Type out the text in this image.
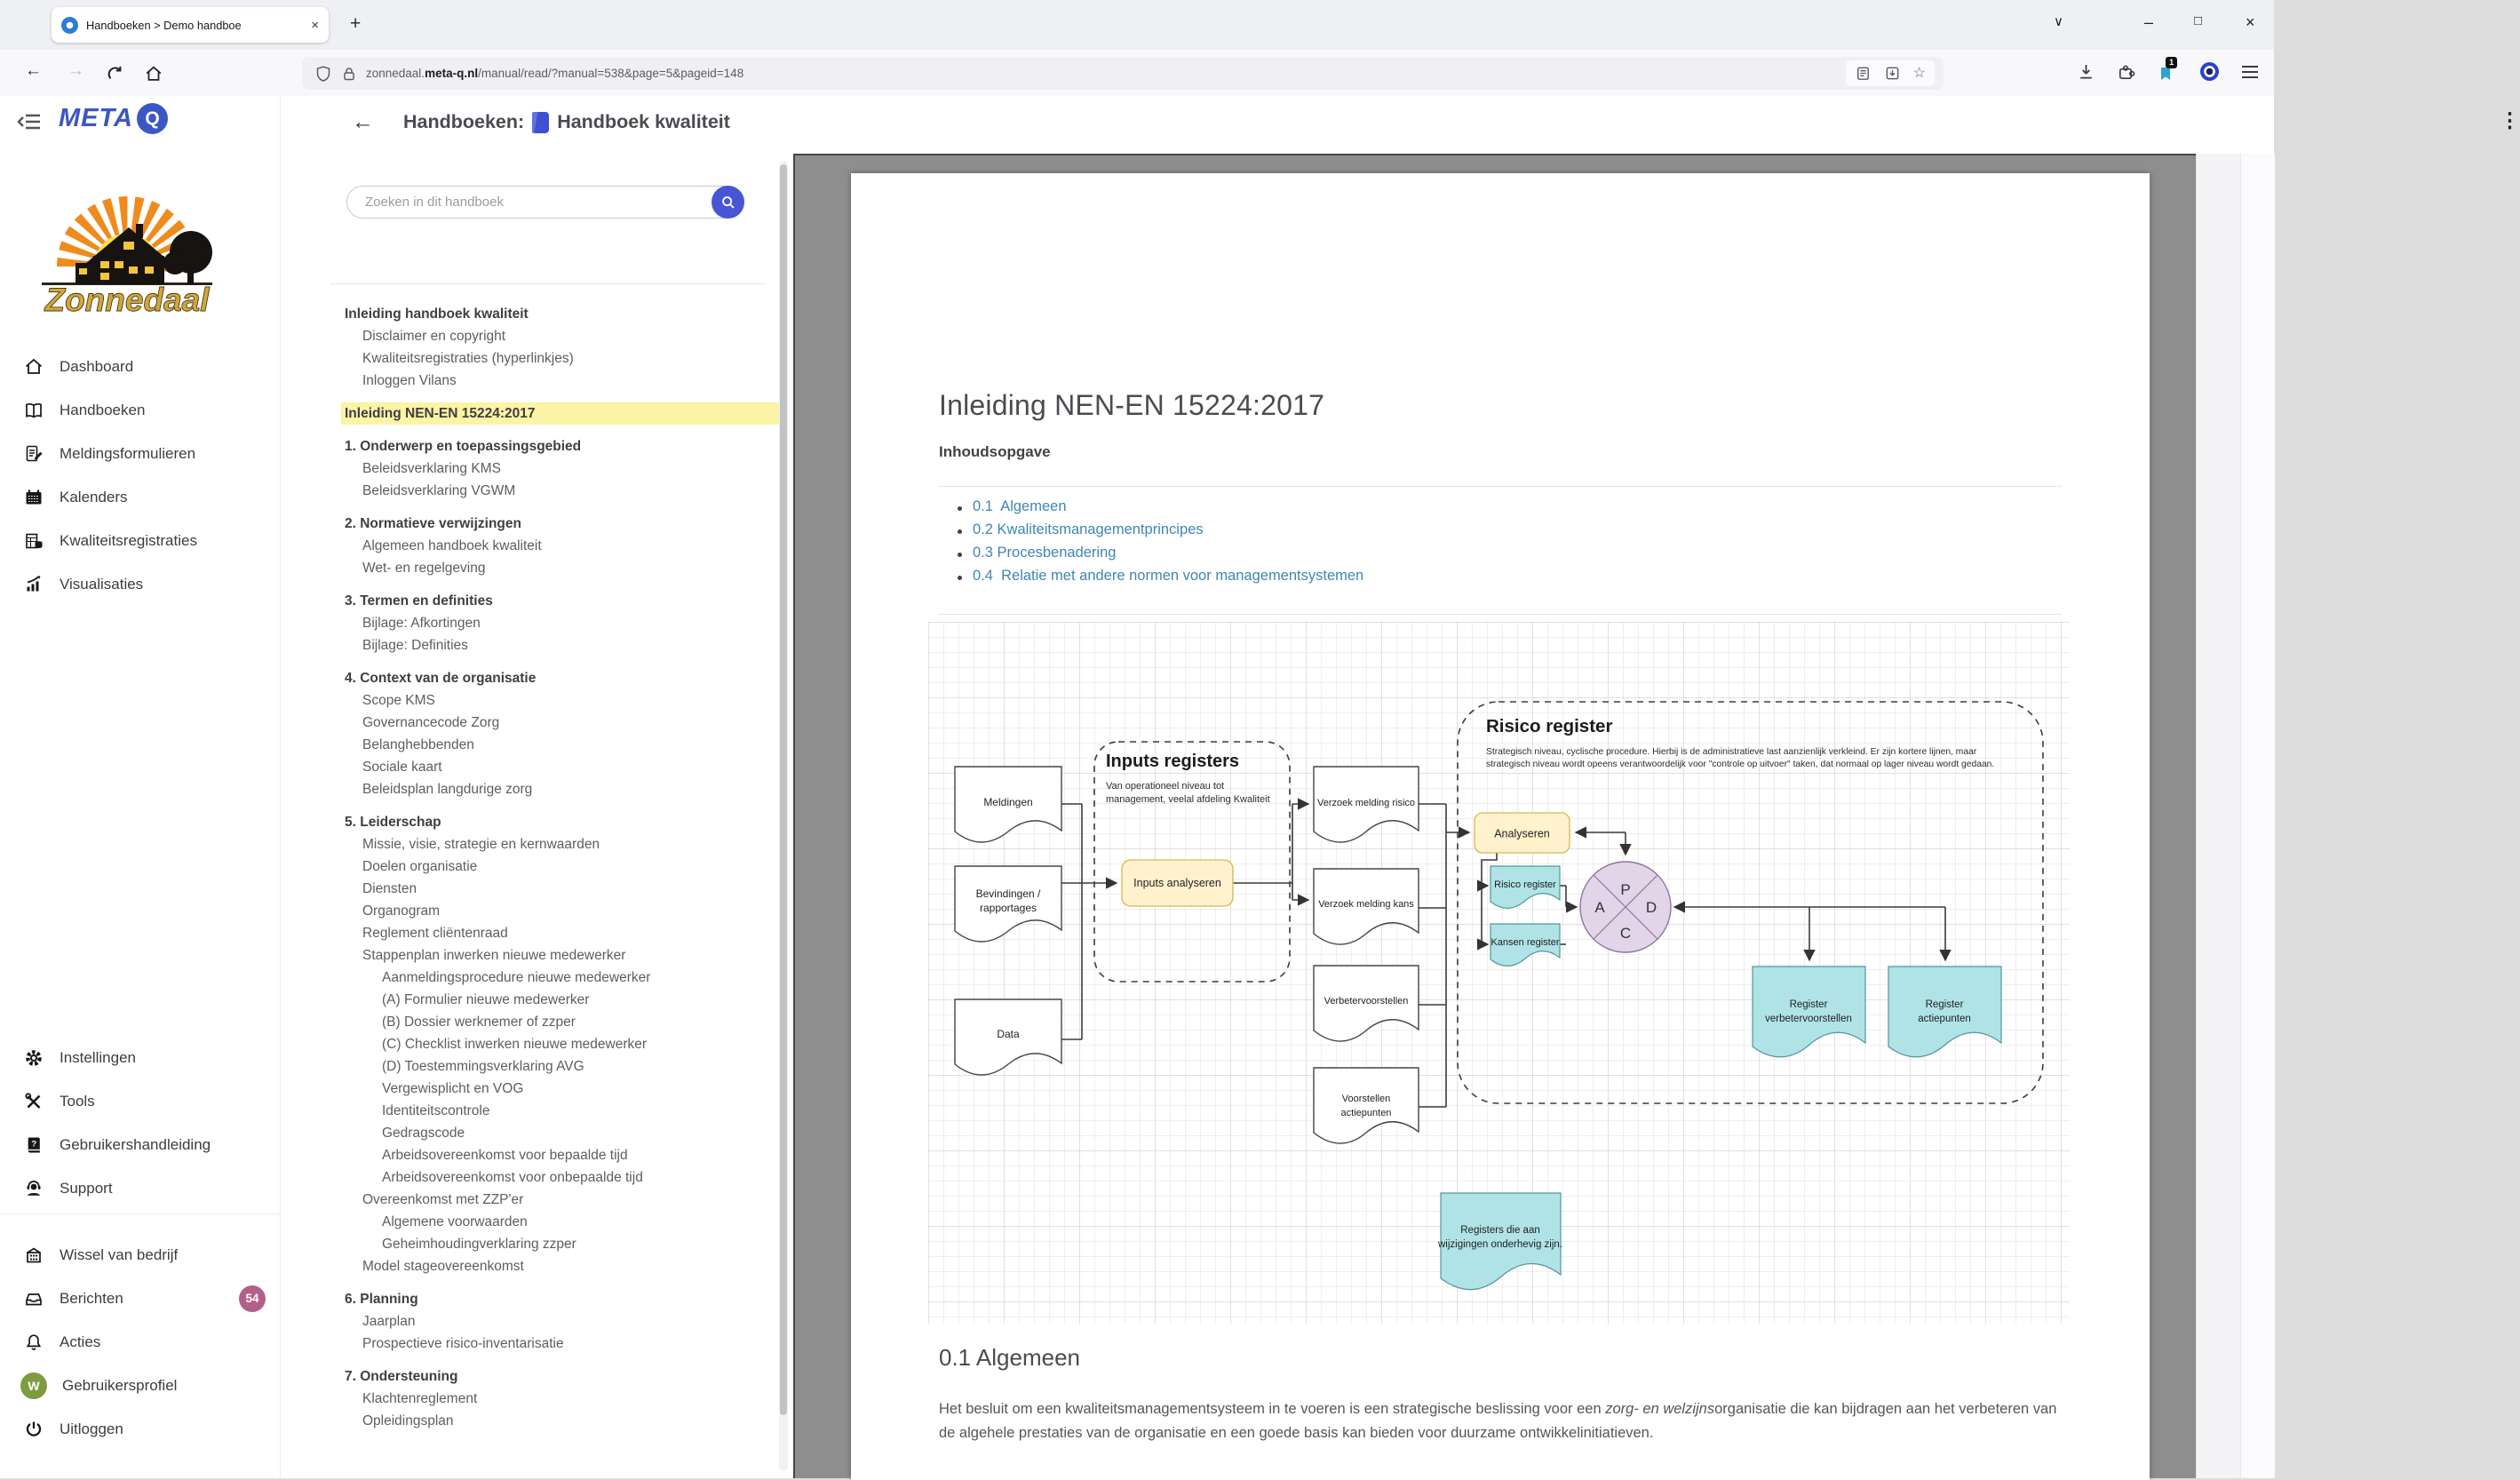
Handboeken > Demo handboe	× +	∨	–	□	×
← →	zonnedaal.meta-q.nl/manual/read/?manual=538&page=5&pageid=148	☆
1
META Q
Zonnedaal
Dashboard
Handboeken
Meldingsformulieren
Kalenders
Kwaliteitsregistraties
Visualisaties
Instellingen
Tools
? Gebruikershandleiding
Support
Wissel van bedrijf
Berichten	54
Acties
W	Gebruikersprofiel
Uitloggen
← Handboeken: Handboek kwaliteit	⋮
Zoeken in dit handboek
Inleiding handboek kwaliteit
Disclaimer en copyright
Kwaliteitsregistraties (hyperlinkjes)
Inloggen Vilans
Inleiding NEN-EN 15224:2017
1. Onderwerp en toepassingsgebied
Beleidsverklaring KMS
Beleidsverklaring VGWM
2. Normatieve verwijzingen
Algemeen handboek kwaliteit
Wet- en regelgeving
3. Termen en definities
Bijlage: Afkortingen
Bijlage: Definities
4. Context van de organisatie
Scope KMS
Governancecode Zorg
Belanghebbenden
Sociale kaart
Beleidsplan langdurige zorg
5. Leiderschap
Missie, visie, strategie en kernwaarden
Doelen organisatie
Diensten
Organogram
Reglement cliëntenraad
Stappenplan inwerken nieuwe medewerker
Aanmeldingsprocedure nieuwe medewerker
(A) Formulier nieuwe medewerker
(B) Dossier werknemer of zzper
(C) Checklist inwerken nieuwe medewerker
(D) Toestemmingsverklaring AVG
Vergewisplicht en VOG
Identiteitscontrole
Gedragscode
Arbeidsovereenkomst voor bepaalde tijd
Arbeidsovereenkomst voor onbepaalde tijd
Overeenkomst met ZZP'er
Algemene voorwaarden
Geheimhoudingverklaring zzper
Model stageovereenkomst
6. Planning
Jaarplan
Prospectieve risico-inventarisatie
7. Ondersteuning
Klachtenreglement
Opleidingsplan
Inleiding NEN-EN 15224:2017
Inhoudsopgave
0.1  Algemeen
0.2 Kwaliteitsmanagementprincipes
0.3 Procesbenadering
0.4  Relatie met andere normen voor managementsystemen
Inputs registers
Van operationeel niveau tot
management, veelal afdeling Kwaliteit
Inputs analyseren
Meldingen
Bevindingen /
rapportages
Data
Verzoek melding risico
Verzoek melding kans
Verbetervoorstellen
Voorstellen
actiepunten
Risico register
Strategisch niveau, cyclische procedure. Hierbij is de administratieve last aanzienlijk verkleind. Er zijn kortere lijnen, maar
strategisch niveau wordt opeens verantwoordelijk voor "controle op uitvoer" taken, dat normaal op lager niveau wordt gedaan.
Analyseren
Risico register
Kansen register
P
D
C
A
Register
verbetervoorstellen
Register
actiepunten
Registers die aan
wijzigingen onderhevig zijn.
0.1 Algemeen
Het besluit om een kwaliteitsmanagementsysteem in te voeren is een strategische beslissing voor een zorg- en welzijnsorganisatie die kan bijdragen aan het verbeteren van de algehele prestaties van de organisatie en een goede basis kan bieden voor duurzame ontwikkelinitiatieven.
